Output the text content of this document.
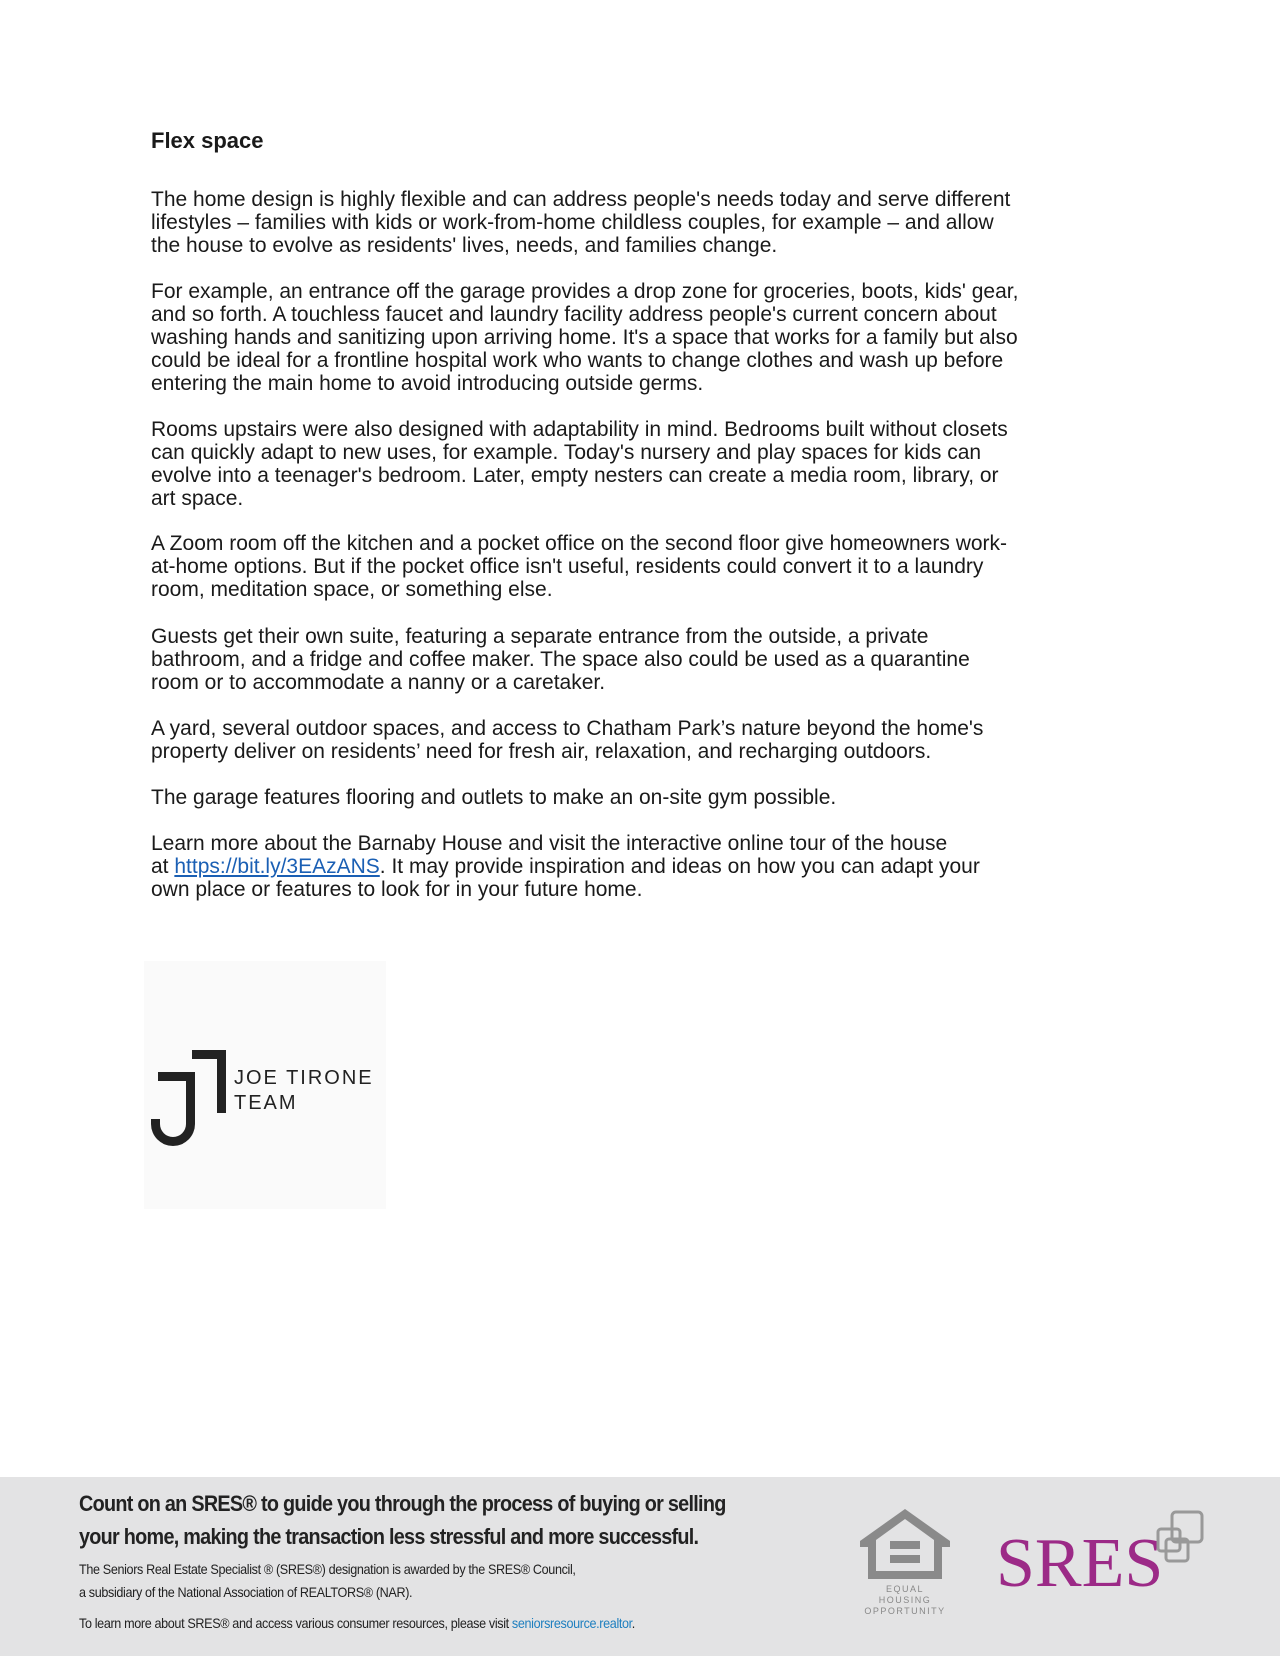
Flex space
The home design is highly flexible and can address people's needs today and serve different
lifestyles – families with kids or work-from-home childless couples, for example – and allow
the house to evolve as residents' lives, needs, and families change.
For example, an entrance off the garage provides a drop zone for groceries, boots, kids' gear,
and so forth. A touchless faucet and laundry facility address people's current concern about
washing hands and sanitizing upon arriving home. It's a space that works for a family but also
could be ideal for a frontline hospital work who wants to change clothes and wash up before
entering the main home to avoid introducing outside germs.
Rooms upstairs were also designed with adaptability in mind. Bedrooms built without closets
can quickly adapt to new uses, for example. Today's nursery and play spaces for kids can
evolve into a teenager's bedroom. Later, empty nesters can create a media room, library, or
art space.
A Zoom room off the kitchen and a pocket office on the second floor give homeowners work-
at-home options. But if the pocket office isn't useful, residents could convert it to a laundry
room, meditation space, or something else.
Guests get their own suite, featuring a separate entrance from the outside, a private
bathroom, and a fridge and coffee maker. The space also could be used as a quarantine
room or to accommodate a nanny or a caretaker.
A yard, several outdoor spaces, and access to Chatham Park’s nature beyond the home's
property deliver on residents’ need for fresh air, relaxation, and recharging outdoors.
The garage features flooring and outlets to make an on-site gym possible.
Learn more about the Barnaby House and visit the interactive online tour of the house
at https://bit.ly/3EAzANS. It may provide inspiration and ideas on how you can adapt your
own place or features to look for in your future home.
JOE TIRONE
TEAM
Count on an SRES® to guide you through the process of buying or selling
your home, making the transaction less stressful and more successful.
The Seniors Real Estate Specialist ® (SRES®) designation is awarded by the SRES® Council,
a subsidiary of the National Association of REALTORS® (NAR).
To learn more about SRES® and access various consumer resources, please visit seniorsresource.realtor.
EQUAL HOUSING
OPPORTUNITY
SRES
